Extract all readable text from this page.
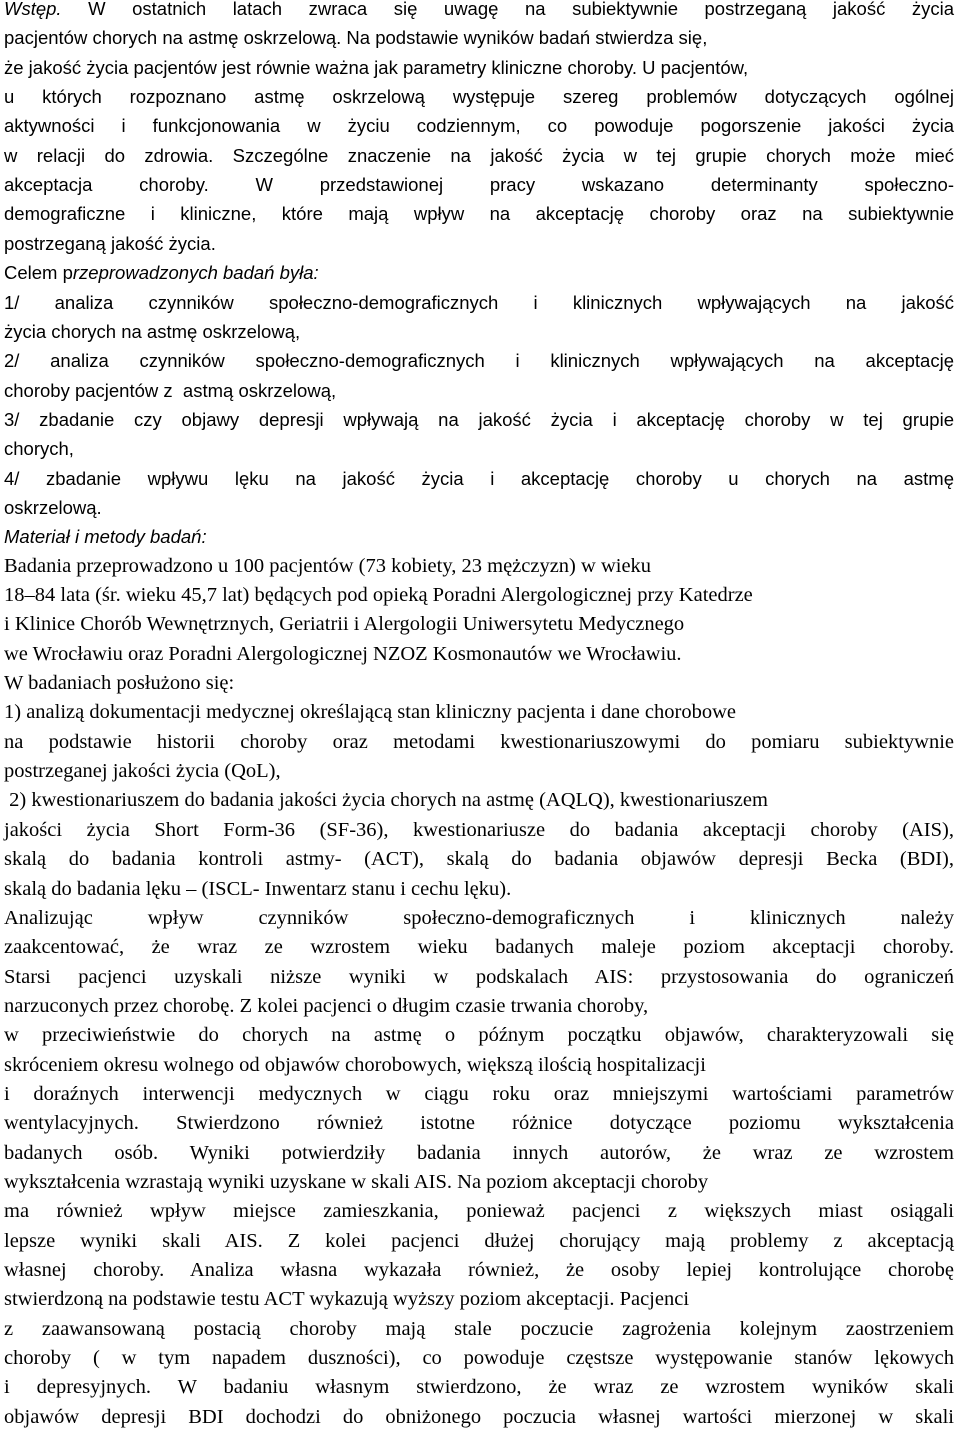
Wstęp. W ostatnich latach zwraca się uwagę na subiektywnie postrzeganą jakość życia
pacjentów chorych na astmę oskrzelową. Na podstawie wyników badań stwierdza się,
że jakość życia pacjentów jest równie ważna jak parametry kliniczne choroby. U pacjentów,
u których rozpoznano astmę oskrzelową występuje szereg problemów dotyczących ogólnej
aktywności i funkcjonowania w życiu codziennym, co powoduje pogorszenie jakości życia
w relacji do zdrowia. Szczególne znaczenie na jakość życia w tej grupie chorych może mieć
akceptacja choroby. W przedstawionej pracy wskazano determinanty społeczno-
demograficzne i kliniczne, które mają wpływ na akceptację choroby oraz na subiektywnie
postrzeganą jakość życia.
Celem przeprowadzonych badań była:
1/ analiza czynników społeczno-demograficznych i klinicznych wpływających na jakość
życia chorych na astmę oskrzelową,
2/ analiza czynników społeczno-demograficznych i klinicznych wpływających na akceptację
choroby pacjentów z  astmą oskrzelową,
3/ zbadanie czy objawy depresji wpływają na jakość życia i akceptację choroby w tej grupie
chorych,
4/ zbadanie wpływu lęku na jakość życia i akceptację choroby u chorych na astmę
oskrzelową.
Materiał i metody badań:
Badania przeprowadzono u 100 pacjentów (73 kobiety, 23 mężczyzn) w wieku
18–84 lata (śr. wieku 45,7 lat) będących pod opieką Poradni Alergologicznej przy Katedrze
i Klinice Chorób Wewnętrznych, Geriatrii i Alergologii Uniwersytetu Medycznego
we Wrocławiu oraz Poradni Alergologicznej NZOZ Kosmonautów we Wrocławiu.
W badaniach posłużono się:
1) analizą dokumentacji medycznej określającą stan kliniczny pacjenta i dane chorobowe
na podstawie historii choroby oraz metodami kwestionariuszowymi do pomiaru subiektywnie
postrzeganej jakości życia (QoL),
2) kwestionariuszem do badania jakości życia chorych na astmę (AQLQ), kwestionariuszem
jakości życia Short Form-36 (SF-36), kwestionariusze do badania akceptacji choroby (AIS),
skalą do badania kontroli astmy- (ACT), skalą do badania objawów depresji Becka (BDI),
skalą do badania lęku – (ISCL- Inwentarz stanu i cechu lęku).
Analizując wpływ czynników społeczno-demograficznych i klinicznych należy
zaakcentować, że wraz ze wzrostem wieku badanych maleje poziom akceptacji choroby.
Starsi pacjenci uzyskali niższe wyniki w podskalach AIS: przystosowania do ograniczeń
narzuconych przez chorobę. Z kolei pacjenci o długim czasie trwania choroby,
w przeciwieństwie do chorych na astmę o późnym początku objawów, charakteryzowali się
skróceniem okresu wolnego od objawów chorobowych, większą ilością hospitalizacji
i doraźnych interwencji medycznych w ciągu roku oraz mniejszymi wartościami parametrów
wentylacyjnych. Stwierdzono również istotne różnice dotyczące poziomu wykształcenia
badanych osób. Wyniki potwierdziły badania innych autorów, że wraz ze wzrostem
wykształcenia wzrastają wyniki uzyskane w skali AIS. Na poziom akceptacji choroby
ma również wpływ miejsce zamieszkania, ponieważ pacjenci z większych miast osiągali
lepsze wyniki skali AIS. Z kolei pacjenci dłużej chorujący mają problemy z akceptacją
własnej choroby. Analiza własna wykazała również, że osoby lepiej kontrolujące chorobę
stwierdzoną na podstawie testu ACT wykazują wyższy poziom akceptacji. Pacjenci
z zaawansowaną postacią choroby mają stale poczucie zagrożenia kolejnym zaostrzeniem
choroby ( w tym napadem duszności), co powoduje częstsze występowanie stanów lękowych
i depresyjnych. W badaniu własnym stwierdzono, że wraz ze wzrostem wyników skali
objawów depresji BDI dochodzi do obniżonego poczucia własnej wartości mierzonej w skali
